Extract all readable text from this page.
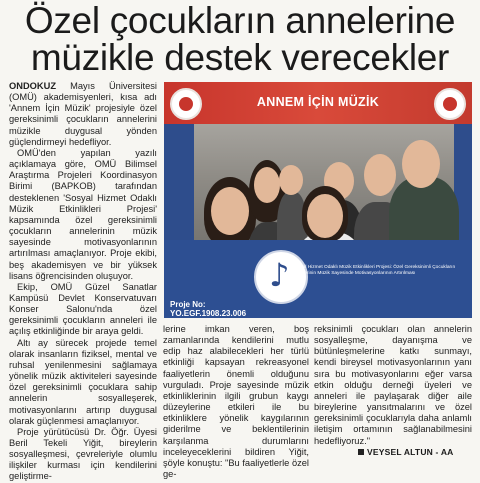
Özel çocukların annelerine
müzikle destek verecekler

ONDOKUZ Mayıs Üniversitesi (OMÜ) akademisyenleri, kısa adı 'Annem İçin Müzik' projesiyle özel gereksinimli çocukların annelerini müzikle duygusal yönden güçlendirmeyi hedefliyor.

OMÜ'den yapılan yazılı açıklamaya göre, OMÜ Bilimsel Araştırma Projeleri Koordinasyon Birimi (BAPKOB) tarafından desteklenen 'Sosyal Hizmet Odaklı Müzik Etkinlikleri Projesi' kapsamında özel gereksinimli çocukların annelerinin müzik sayesinde motivasyonlarının artırılması amaçlanıyor. Proje ekibi, beş akademisyen ve bir yüksek lisans öğrencisinden oluşuyor.

Ekip, OMÜ Güzel Sanatlar Kampüsü Devlet Konservatuvarı Konser Salonu'nda özel gereksinimli çocukların anneleri ile açılış etkinliğinde bir araya geldi.

Altı ay sürecek projede temel olarak insanların fiziksel, mental ve ruhsal yenilenmesini sağlamaya yönelik müzik aktiviteleri sayesinde özel gereksinimli çocuklara sahip annelerin sosyalleşerek, motivasyonlarını artırıp duygusal olarak güçlenmesi amaçlanıyor.

Proje yürütücüsü Dr. Öğr. Üyesi Beril Tekeli Yiğit, bireylerin sosyalleşmesi, çevreleriyle olumlu ilişkiler kurması için kendilerini geliştirme-

ANNEM İÇİN MÜZİK
♪
Sosyal Hizmet Odaklı Müzik Etkinlikleri Projesi: Özel Gereksinimli Çocukların Annelerinin Müzik Sayesinde Motivasyonlarının Artırılması
Proje No:
YO.EGF.1908.23.006

lerine imkan veren, boş zamanlarında kendilerini mutlu edip haz alabilecekleri her türlü etkinliği kapsayan rekreasyonel faaliyetlerin önemli olduğunu vurguladı. Proje sayesinde müzik etkinliklerinin ilgili grubun kaygı düzeylerine etkileri ile bu etkinliklere yönelik kaygılarının giderilme ve beklentilerinin karşılanma durumlarını inceleyeceklerini bildiren Yiğit, şöyle konuştu: "Bu faaliyetlerle özel ge-

reksinimli çocukları olan annelerin sosyalleşme, dayanışma ve bütünleşmelerine katkı sunmayı, kendi bireysel motivasyonlarının yanı sıra bu motivasyonlarını eğer varsa etkin olduğu derneği üyeleri ve anneleri ile paylaşarak diğer aile bireylerine yansıtmalarını ve özel gereksinimli çocuklarıyla daha anlamlı iletişim ortamının sağlanabilmesini hedefliyoruz."

VEYSEL ALTUN - AA
